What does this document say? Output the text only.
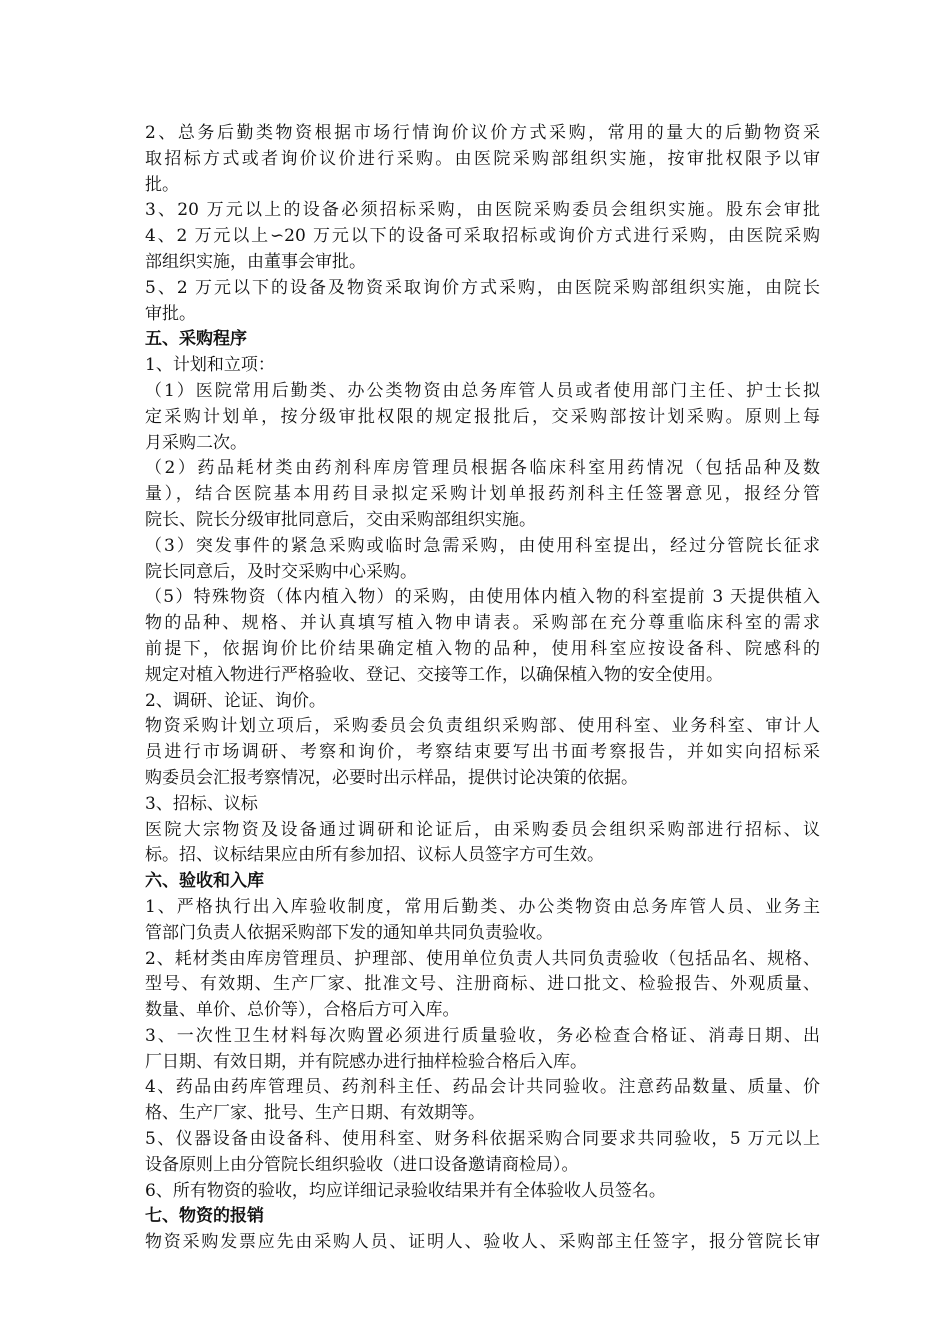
2、总务后勤类物资根据市场行情询价议价方式采购，常用的量大的后勤物资采
取招标方式或者询价议价进行采购。由医院采购部组织实施，按审批权限予以审
批。
3、20 万元以上的设备必须招标采购，由医院采购委员会组织实施。股东会审批
4、2 万元以上∽20 万元以下的设备可采取招标或询价方式进行采购，由医院采购
部组织实施，由董事会审批。
5、2 万元以下的设备及物资采取询价方式采购，由医院采购部组织实施，由院长
审批。
五、采购程序
1、计划和立项：
（1）医院常用后勤类、办公类物资由总务库管人员或者使用部门主任、护士长拟
定采购计划单，按分级审批权限的规定报批后，交采购部按计划采购。原则上每
月采购二次。
（2）药品耗材类由药剂科库房管理员根据各临床科室用药情况（包括品种及数
量），结合医院基本用药目录拟定采购计划单报药剂科主任签署意见，报经分管
院长、院长分级审批同意后，交由采购部组织实施。
（3）突发事件的紧急采购或临时急需采购，由使用科室提出，经过分管院长征求
院长同意后，及时交采购中心采购。
（5）特殊物资（体内植入物）的采购，由使用体内植入物的科室提前 3 天提供植入
物的品种、规格、并认真填写植入物申请表。采购部在充分尊重临床科室的需求
前提下，依据询价比价结果确定植入物的品种，使用科室应按设备科、院感科的
规定对植入物进行严格验收、登记、交接等工作，以确保植入物的安全使用。
2、调研、论证、询价。
物资采购计划立项后，采购委员会负责组织采购部、使用科室、业务科室、审计人
员进行市场调研、考察和询价，考察结束要写出书面考察报告，并如实向招标采
购委员会汇报考察情况，必要时出示样品，提供讨论决策的依据。
3、招标、议标
医院大宗物资及设备通过调研和论证后，由采购委员会组织采购部进行招标、议
标。招、议标结果应由所有参加招、议标人员签字方可生效。
六、验收和入库
1、严格执行出入库验收制度，常用后勤类、办公类物资由总务库管人员、业务主
管部门负责人依据采购部下发的通知单共同负责验收。
2、耗材类由库房管理员、护理部、使用单位负责人共同负责验收（包括品名、规格、
型号、有效期、生产厂家、批准文号、注册商标、进口批文、检验报告、外观质量、
数量、单价、总价等），合格后方可入库。
3、一次性卫生材料每次购置必须进行质量验收，务必检查合格证、消毒日期、出
厂日期、有效日期，并有院感办进行抽样检验合格后入库。
4、药品由药库管理员、药剂科主任、药品会计共同验收。注意药品数量、质量、价
格、生产厂家、批号、生产日期、有效期等。
5、仪器设备由设备科、使用科室、财务科依据采购合同要求共同验收，5 万元以上
设备原则上由分管院长组织验收（进口设备邀请商检局）。
6、所有物资的验收，均应详细记录验收结果并有全体验收人员签名。
七、物资的报销
物资采购发票应先由采购人员、证明人、验收人、采购部主任签字，报分管院长审
